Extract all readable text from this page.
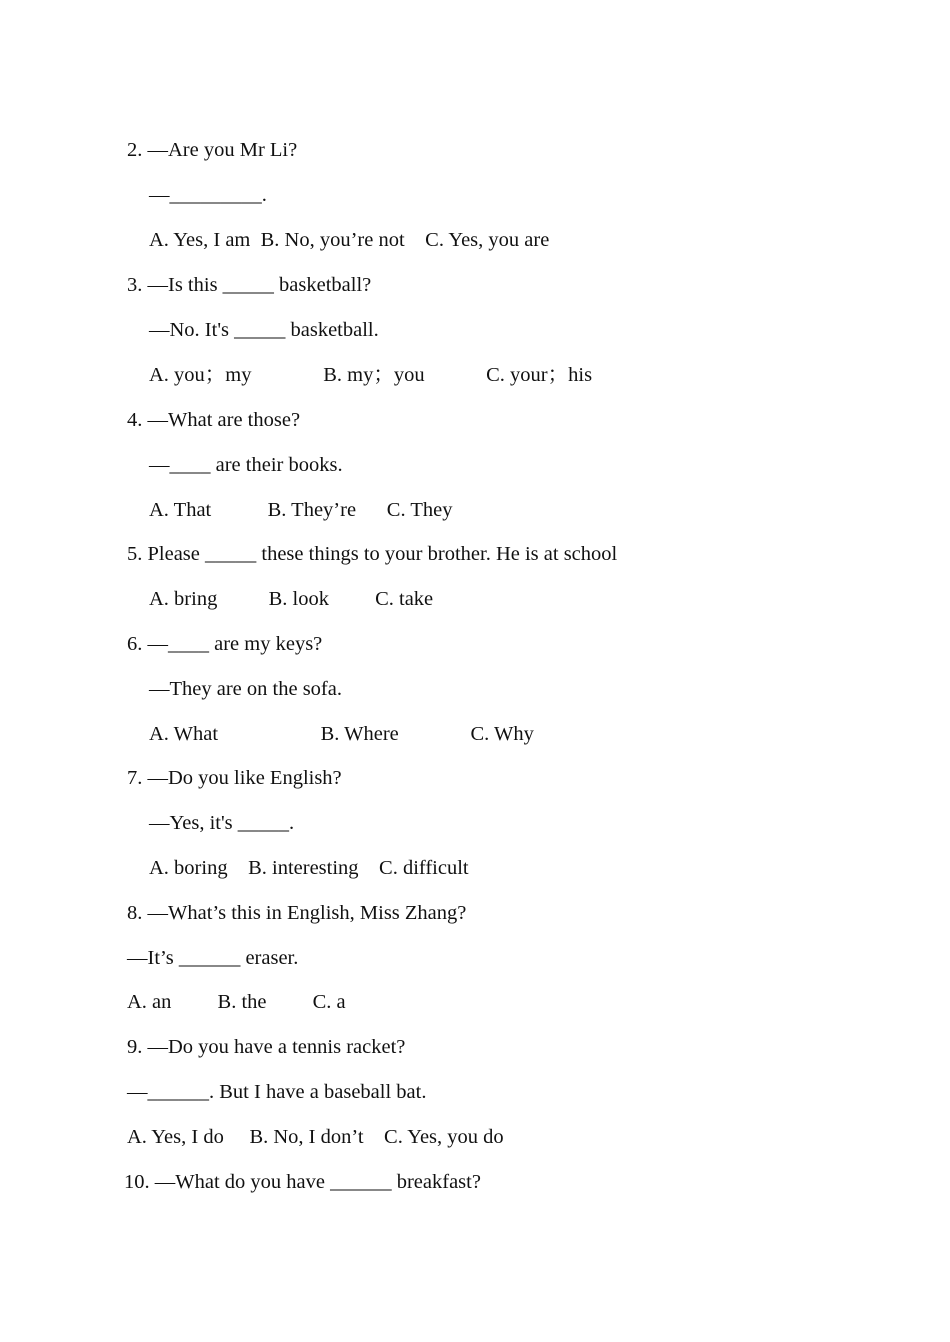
2. —Are you Mr Li?
—_________.
A. Yes, I am  B. No, you’re not    C. Yes, you are
3. —Is this _____ basketball?
—No. It's _____ basketball.
A. you；my              B. my；you            C. your；his
4. —What are those?
—____ are their books.
A. That           B. They’re      C. They
5. Please _____ these things to your brother. He is at school
A. bring          B. look         C. take
6. —____ are my keys?
—They are on the sofa.
A. What                    B. Where              C. Why
7. —Do you like English?
—Yes, it's _____.
A. boring    B. interesting    C. difficult
8. —What’s this in English, Miss Zhang?
—It’s ______ eraser.
A. an         B. the         C. a
9. —Do you have a tennis racket?
—______. But I have a baseball bat.
A. Yes, I do     B. No, I don’t    C. Yes, you do
10. —What do you have ______ breakfast?
